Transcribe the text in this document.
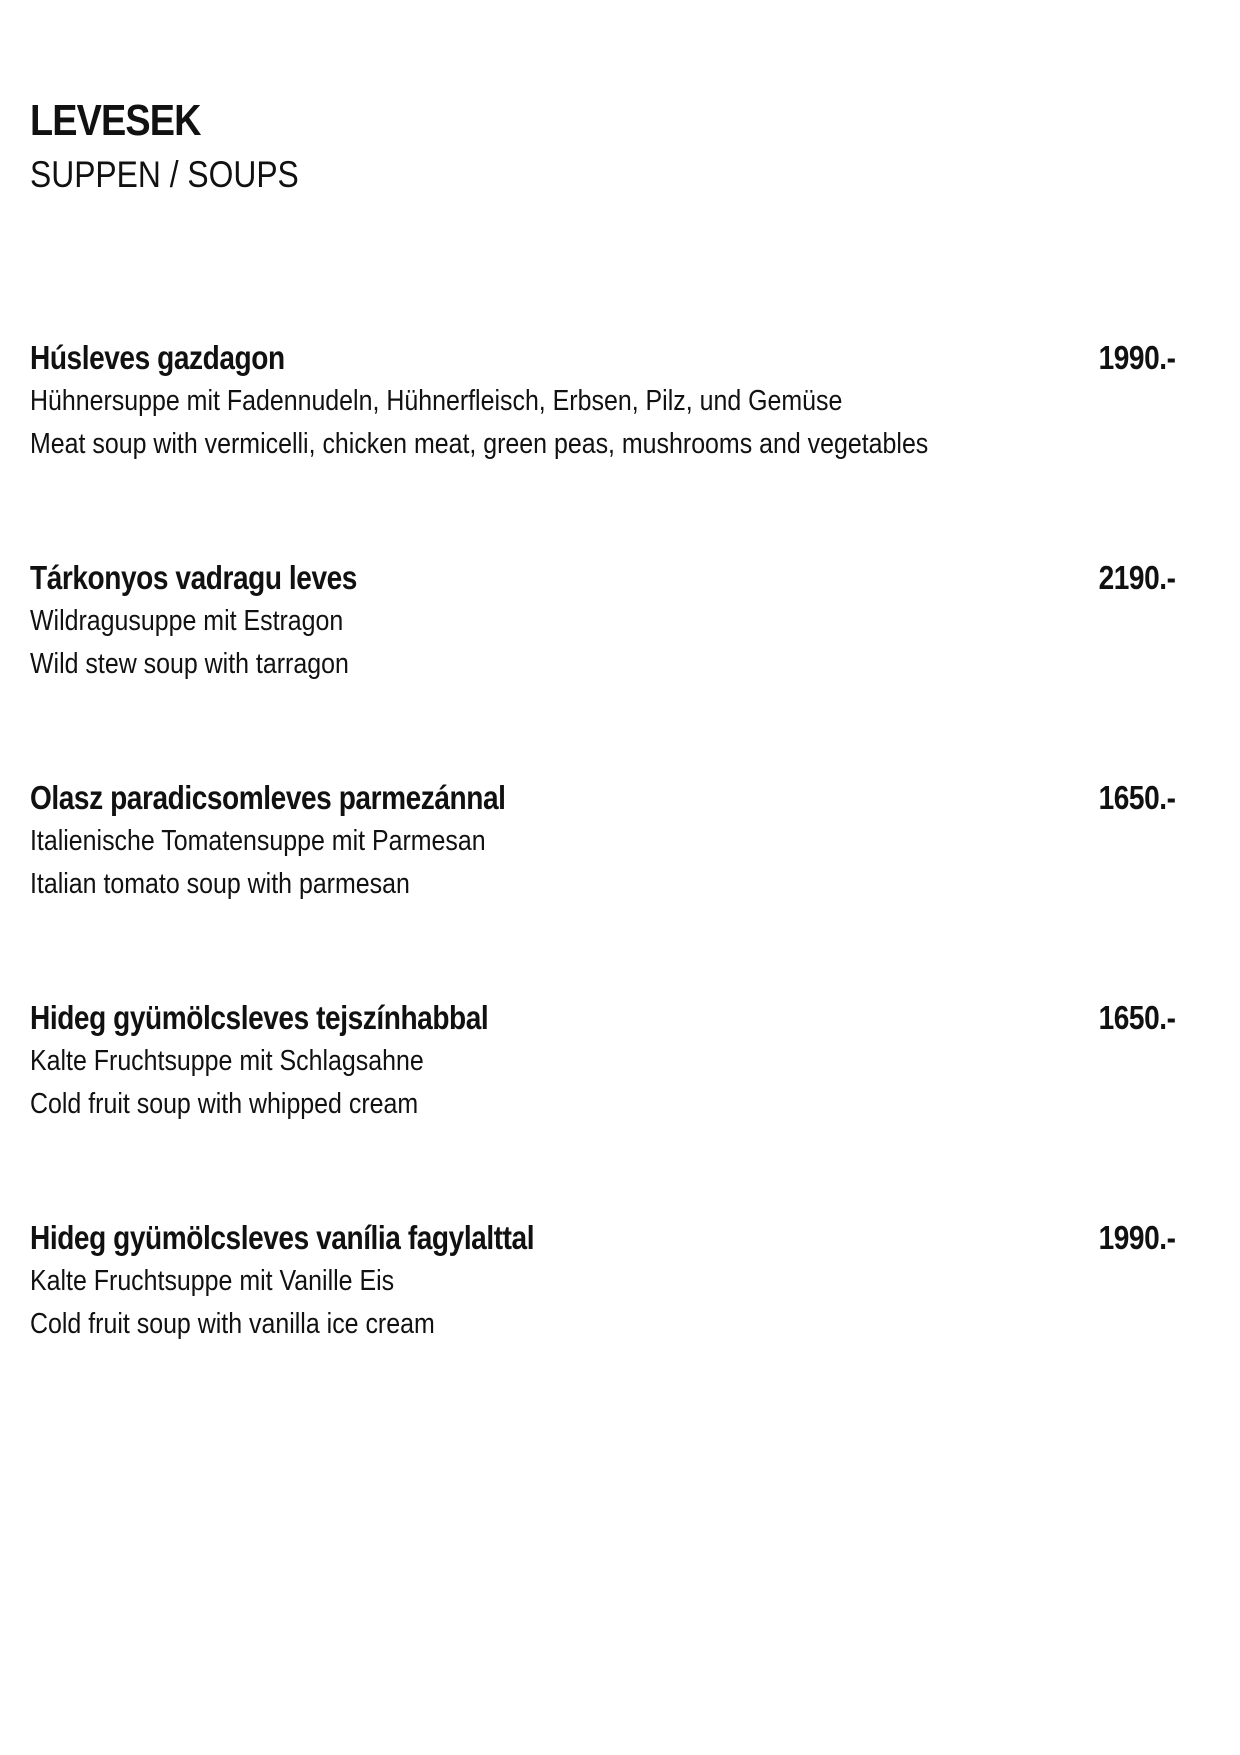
LEVESEK
SUPPEN / SOUPS
Húsleves gazdagon	1990.-
Hühnersuppe mit Fadennudeln, Hühnerfleisch, Erbsen, Pilz, und Gemüse
Meat soup with vermicelli, chicken meat, green peas, mushrooms and vegetables
Tárkonyos vadragu leves	2190.-
Wildragusuppe mit Estragon
Wild stew soup with tarragon
Olasz paradicsomleves parmezánnal	1650.-
Italienische Tomatensuppe mit Parmesan
Italian tomato soup with parmesan
Hideg gyümölcsleves tejszínhabbal	1650.-
Kalte Fruchtsuppe mit Schlagsahne
Cold fruit soup with whipped cream
Hideg gyümölcsleves vanília fagylalttal	1990.-
Kalte Fruchtsuppe mit Vanille Eis
Cold fruit soup with vanilla ice cream
